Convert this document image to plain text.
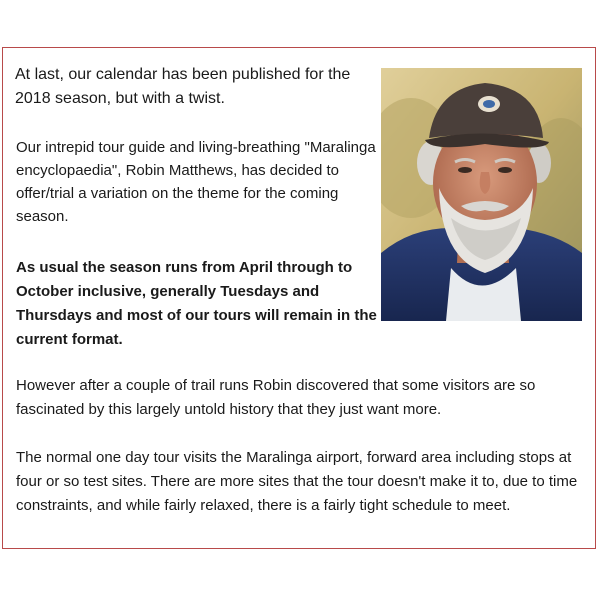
At last, our calendar has been published for the 2018 season, but with a twist.
Our intrepid tour guide and living-breathing "Maralinga encyclopaedia", Robin Matthews, has decided to offer/trial a variation on the theme for the coming season.
As usual the season runs from April through to October inclusive, generally Tuesdays and Thursdays and most of our tours will remain in the current format.
However after a couple of trail runs Robin discovered that some visitors are so fascinated by this largely untold history that they just want more.
The normal one day tour visits the Maralinga airport, forward area including stops at four or so test sites. There are more sites that the tour doesn't make it to, due to time constraints, and while fairly relaxed, there is a fairly tight schedule to meet.
